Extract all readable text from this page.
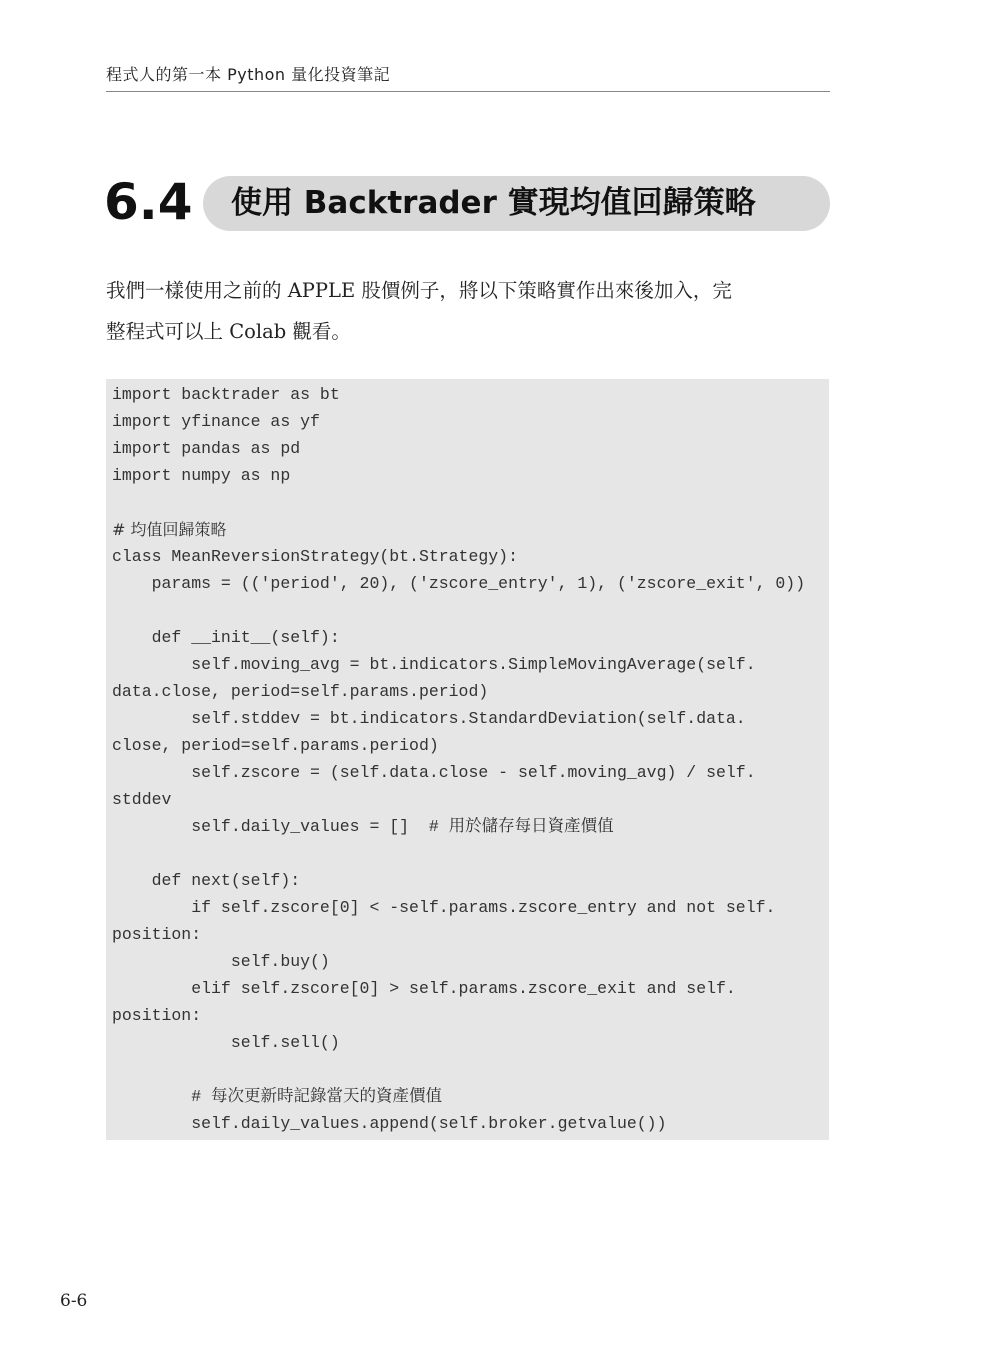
程式人的第一本 Python 量化投資筆記
6.4 使用 Backtrader 實現均值回歸策略

我們一樣使用之前的 APPLE 股價例子，將以下策略實作出來後加入，完

整程式可以上 Colab 觀看。

import backtrader as bt
import yfinance as yf
import pandas as pd
import numpy as np
# 均值回歸策略
class MeanReversionStrategy(bt.Strategy):
params = (('period', 20), ('zscore_entry', 1), ('zscore_exit', 0))
def __init__(self):
self.moving_avg = bt.indicators.SimpleMovingAverage(self.
data.close, period=self.params.period)
self.stddev = bt.indicators.StandardDeviation(self.data.
close, period=self.params.period)
self.zscore = (self.data.close - self.moving_avg) / self.
stddev
self.daily_values = []  # 用於儲存每日資產價值
def next(self):
if self.zscore[0] < -self.params.zscore_entry and not self.
position:
self.buy()
elif self.zscore[0] > self.params.zscore_exit and self.
position:
self.sell()
# 每次更新時記錄當天的資產價值
self.daily_values.append(self.broker.getvalue())
6-6
